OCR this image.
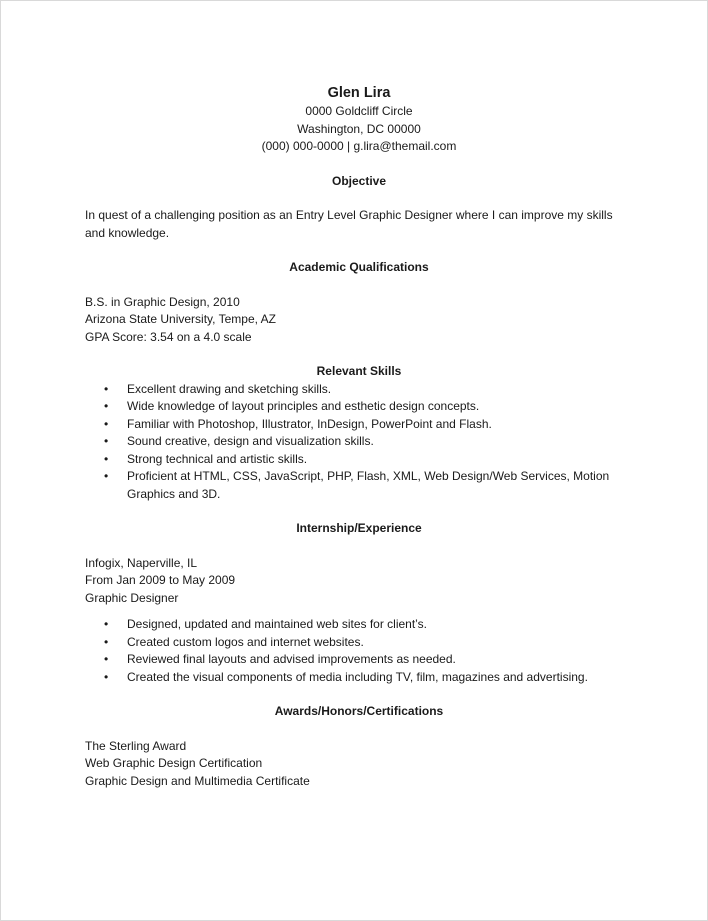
Glen Lira

0000 Goldcliff Circle

Washington, DC 00000

(000) 000-0000 | g.lira@themail.com

Objective

In quest of a challenging position as an Entry Level Graphic Designer where I can improve my skills and knowledge.

Academic Qualifications

B.S. in Graphic Design, 2010

Arizona State University, Tempe, AZ

GPA Score: 3.54 on a 4.0 scale

Relevant Skills

• Excellent drawing and sketching skills.
• Wide knowledge of layout principles and esthetic design concepts.
• Familiar with Photoshop, Illustrator, InDesign, PowerPoint and Flash.
• Sound creative, design and visualization skills.
• Strong technical and artistic skills.
• Proficient at HTML, CSS, JavaScript, PHP, Flash, XML, Web Design/Web Services, Motion Graphics and 3D.

Internship/Experience

Infogix, Naperville, IL

From Jan 2009 to May 2009

Graphic Designer

• Designed, updated and maintained web sites for client’s.
• Created custom logos and internet websites.
• Reviewed final layouts and advised improvements as needed.
• Created the visual components of media including TV, film, magazines and advertising.

Awards/Honors/Certifications

The Sterling Award

Web Graphic Design Certification

Graphic Design and Multimedia Certificate
